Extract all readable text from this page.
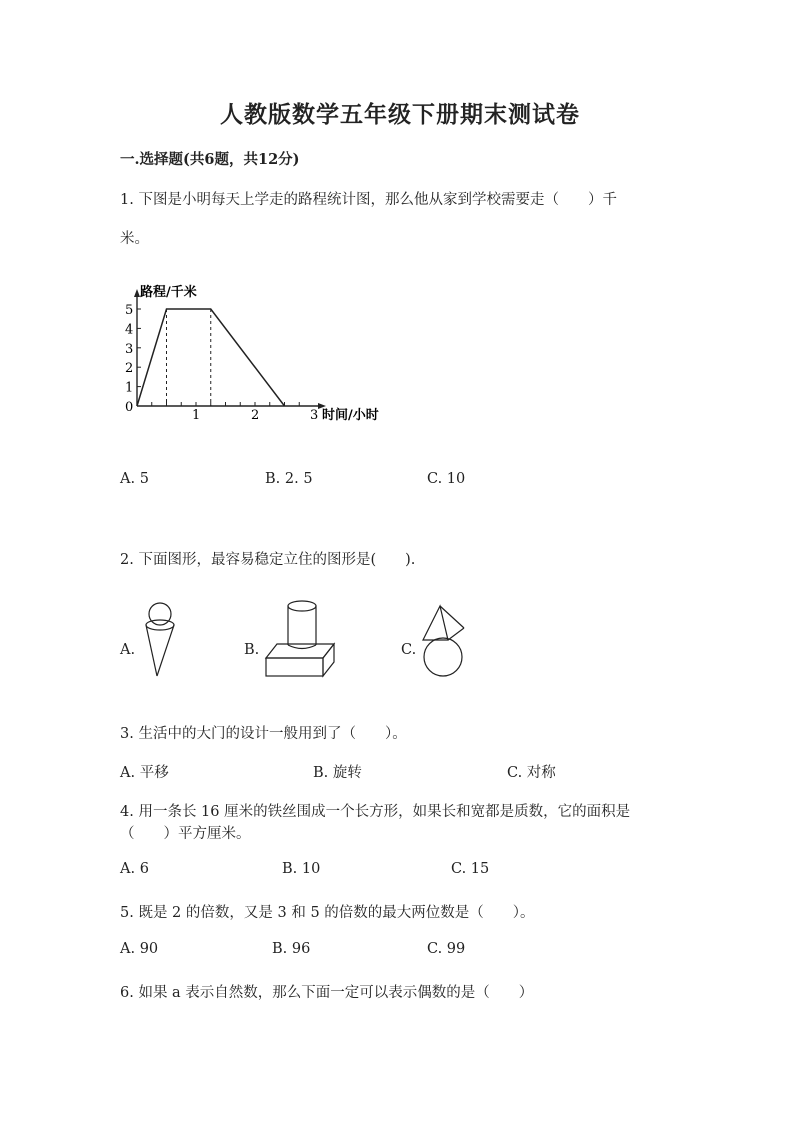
人教版数学五年级下册期末测试卷
一.选择题(共6题，共12分)
1. 下图是小明每天上学走的路程统计图，那么他从家到学校需要走（　　）千
米。
0
1
2
3
4
5
1	2	3
路程/千米
时间/小时
A. 5	B. 2. 5	C. 10
2. 下面图形，最容易稳定立住的图形是(　　).
A.	B.	C.
3. 生活中的大门的设计一般用到了（　　）。
A. 平移	B. 旋转	C. 对称
4. 用一条长 16 厘米的铁丝围成一个长方形，如果长和宽都是质数，它的面积是
（　　）平方厘米。
A. 6	B. 10	C. 15
5. 既是 2 的倍数，又是 3 和 5 的倍数的最大两位数是（　　）。
A. 90	B. 96	C. 99
6. 如果 a 表示自然数，那么下面一定可以表示偶数的是（　　）
